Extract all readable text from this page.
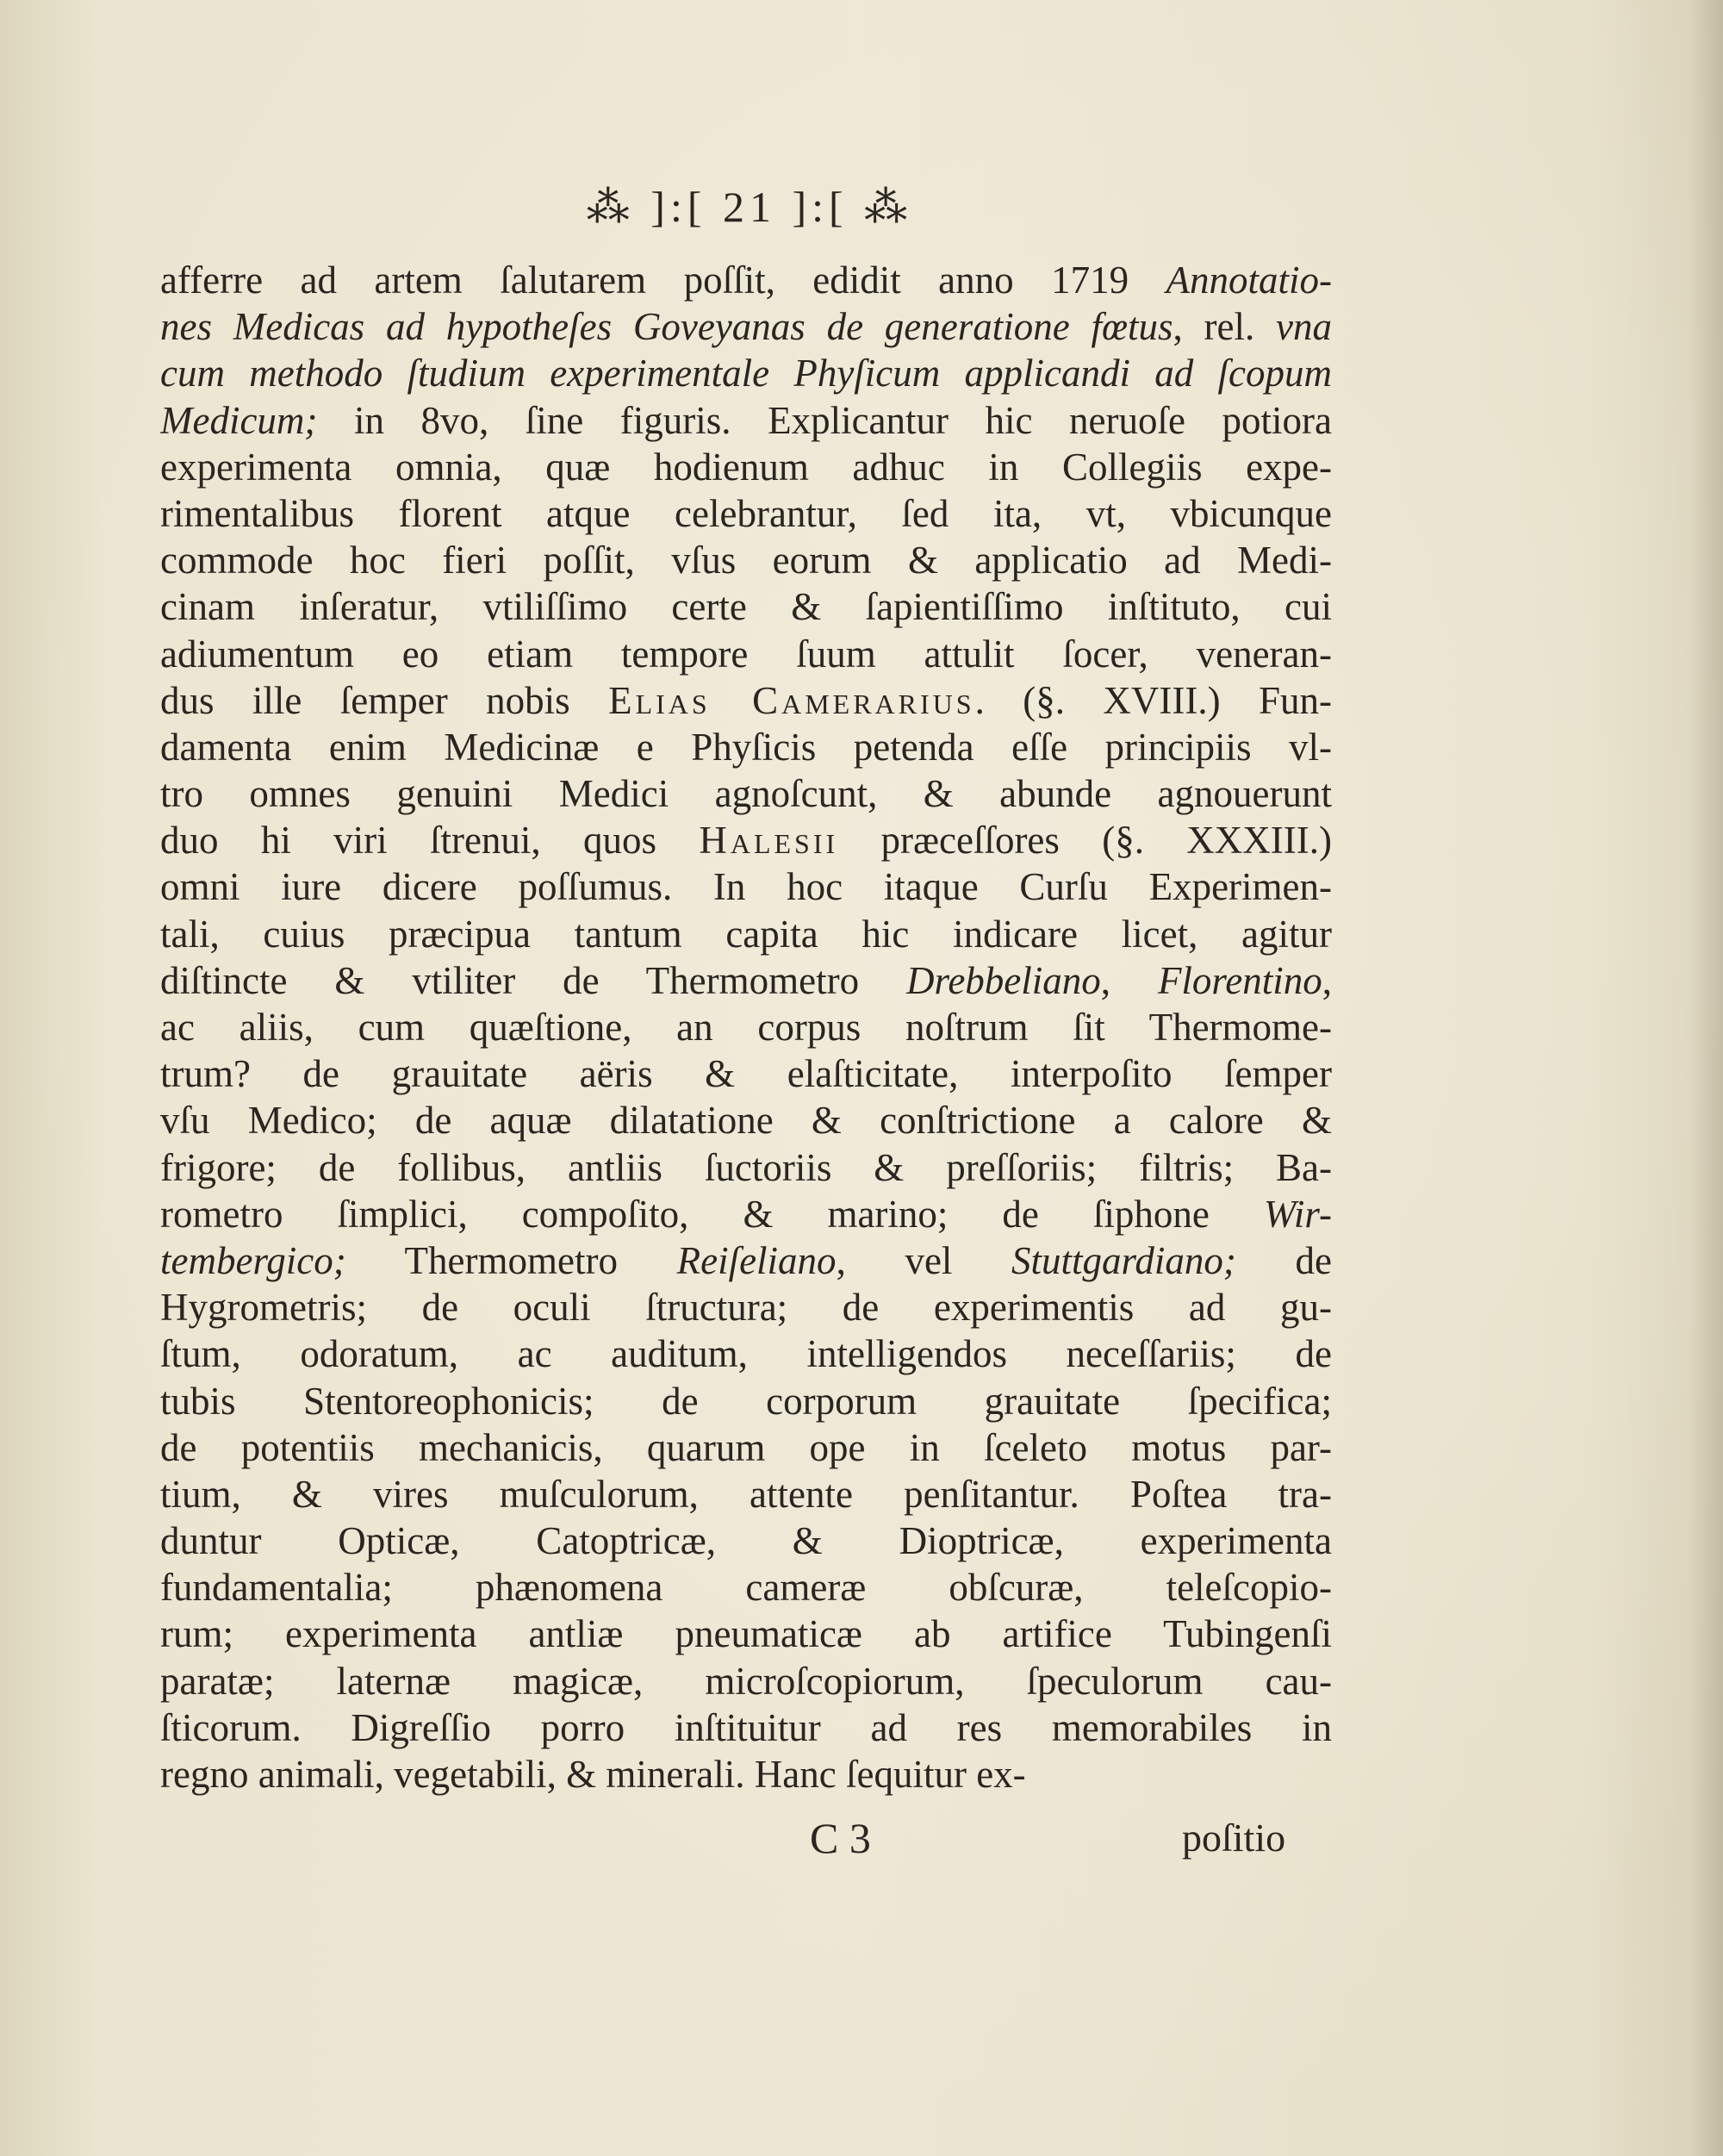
⁂ ]:[ 21 ]:[ ⁂
afferre ad artem ſalutarem poſſit, edidit anno 1719 Annotatio-
nes Medicas ad hypotheſes Goveyanas de generatione fœtus, rel. vna
cum methodo ſtudium experimentale Phyſicum applicandi ad ſcopum
Medicum; in 8vo, ſine figuris. Explicantur hic neruoſe potiora
experimenta omnia, quæ hodienum adhuc in Collegiis expe-
rimentalibus florent atque celebrantur, ſed ita, vt, vbicunque
commode hoc fieri poſſit, vſus eorum & applicatio ad Medi-
cinam inſeratur, vtiliſſimo certe & ſapientiſſimo inſtituto, cui
adiumentum eo etiam tempore ſuum attulit ſocer, veneran-
dus ille ſemper nobis Elias Camerarius. (§. XVIII.) Fun-
damenta enim Medicinæ e Phyſicis petenda eſſe principiis vl-
tro omnes genuini Medici agnoſcunt, & abunde agnouerunt
duo hi viri ſtrenui, quos Halesii præceſſores (§. XXXIII.)
omni iure dicere poſſumus. In hoc itaque Curſu Experimen-
tali, cuius præcipua tantum capita hic indicare licet, agitur
diſtincte & vtiliter de Thermometro Drebbeliano, Florentino,
ac aliis, cum quæſtione, an corpus noſtrum ſit Thermome-
trum? de grauitate aëris & elaſticitate, interpoſito ſemper
vſu Medico; de aquæ dilatatione & conſtrictione a calore &
frigore; de follibus, antliis ſuctoriis & preſſoriis; filtris; Ba-
rometro ſimplici, compoſito, & marino; de ſiphone Wir-
tembergico; Thermometro Reiſeliano, vel Stuttgardiano; de
Hygrometris; de oculi ſtructura; de experimentis ad gu-
ſtum, odoratum, ac auditum, intelligendos neceſſariis; de
tubis Stentoreophonicis; de corporum grauitate ſpecifica;
de potentiis mechanicis, quarum ope in ſceleto motus par-
tium, & vires muſculorum, attente penſitantur. Poſtea tra-
duntur Opticæ, Catoptricæ, & Dioptricæ, experimenta
fundamentalia; phænomena cameræ obſcuræ, teleſcopio-
rum; experimenta antliæ pneumaticæ ab artifice Tubingenſi
paratæ; laternæ magicæ, microſcopiorum, ſpeculorum cau-
ſticorum. Digreſſio porro inſtituitur ad res memorabiles in
regno animali, vegetabili, & minerali. Hanc ſequitur ex-
C 3	poſitio
